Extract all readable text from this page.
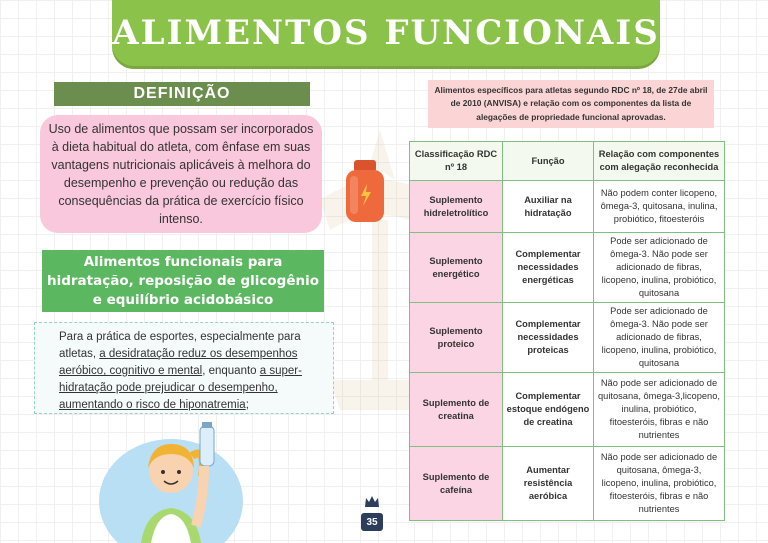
ALIMENTOS FUNCIONAIS
DEFINIÇÃO
Uso de alimentos que possam ser incorporados à dieta habitual do atleta, com ênfase em suas vantagens nutricionais aplicáveis à melhora do desempenho e prevenção ou redução das consequências da prática de exercício físico intenso.
Alimentos funcionais para hidratação, reposição de glicogênio e equilíbrio acidobásico
Para a prática de esportes, especialmente para atletas, a desidratação reduz os desempenhos aeróbico, cognitivo e mental, enquanto a super-hidratação pode prejudicar o desempenho, aumentando o risco de hiponatremia;
Alimentos específicos para atletas segundo RDC nº 18, de 27de abril de 2010 (ANVISA) e relação com os componentes da lista de alegações de propriedade funcional aprovadas.
Classificação RDC nº 18	Função	Relação com componentes com alegação reconhecida
Suplemento hidreletrolítico	Auxiliar na hidratação	Não podem conter licopeno, ômega-3, quitosana, inulina, probiótico, fitoesteróis
Suplemento energético	Complementar necessidades energéticas	Pode ser adicionado de ômega-3. Não pode ser adicionado de fibras, licopeno, inulina, probiótico, quitosana
Suplemento proteico	Complementar necessidades proteicas	Pode ser adicionado de ômega-3. Não pode ser adicionado de fibras, licopeno, inulina, probiótico, quitosana
Suplemento de creatina	Complementar estoque endógeno de creatina	Não pode ser adicionado de quitosana, ômega-3,licopeno, inulina, probiótico, fitoesteróis, fibras e não nutrientes
Suplemento de cafeína	Aumentar resistência aeróbica	Não pode ser adicionado de quitosana, ômega-3, licopeno, inulina, probiótico, fitoesteróis, fibras e não nutrientes
35
